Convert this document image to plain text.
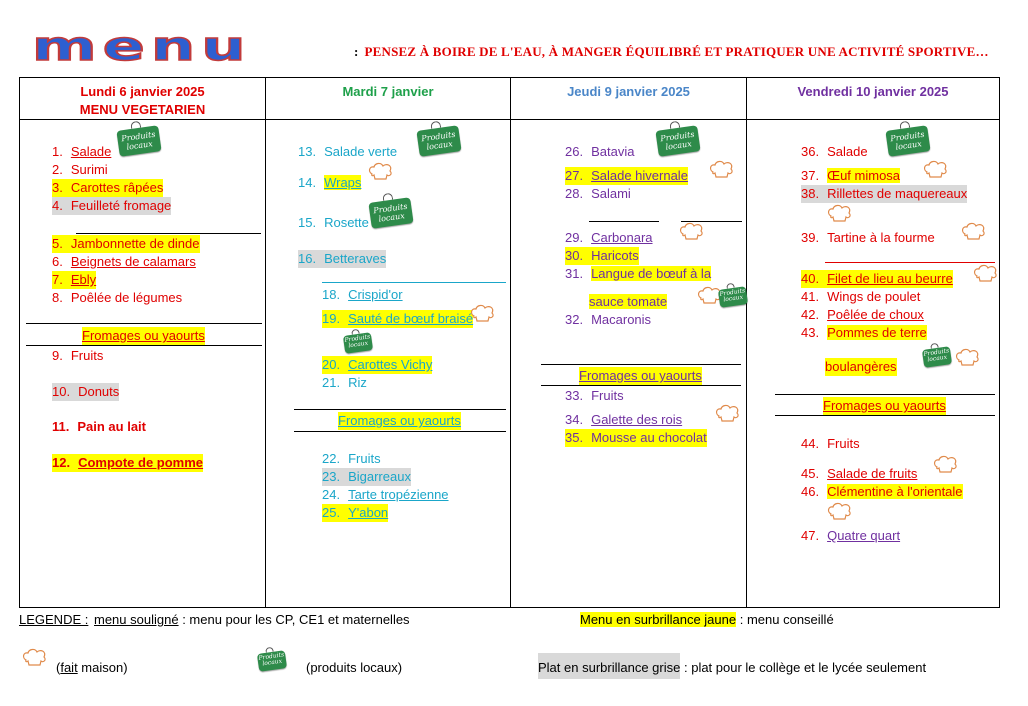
menu	: PENSEZ À BOIRE DE L'EAU, À MANGER ÉQUILIBRÉ ET PRATIQUER UNE ACTIVITÉ SPORTIVE…
Lundi 6 janvier 2025
MENU VEGETARIEN
1. Salade
Produits locaux
2. Surimi
3. Carottes râpées
4. Feuilleté fromage
5. Jambonnette de dinde
6. Beignets de calamars
7. Ebly
8. Poêlée de légumes
Fromages ou yaourts
9. Fruits
10. Donuts
11. Pain au lait
12. Compote de pomme
Mardi 7 janvier
13. Salade verte
Produits locaux
14. Wraps
15. Rosette
Produits locaux
16. Betteraves
18. Crispid'or
19. Sauté de bœuf braisé
Produits locaux
20. Carottes Vichy
21. Riz
Fromages ou yaourts
22. Fruits
23. Bigarreaux
24. Tarte tropézienne
25. Y'abon
Jeudi 9 janvier 2025
26. Batavia
Produits locaux
27. Salade hivernale
28. Salami
29. Carbonara
30. Haricots
31. Langue de bœuf à la
sauce tomate
Produits locaux
32. Macaronis
Fromages ou yaourts
33. Fruits
34. Galette des rois
35. Mousse au chocolat
Vendredi 10 janvier 2025
36. Salade
Produits locaux
37. Œuf mimosa
38. Rillettes de maquereaux
39. Tartine à la fourme
40. Filet de lieu au beurre
41. Wings de poulet
42. Poêlée de choux
43. Pommes de terre
boulangères
Produits locaux
Fromages ou yaourts
44. Fruits
45. Salade de fruits
46. Clémentine à l'orientale
47. Quatre quart
LEGENDE : menu souligné : menu pour les CP, CE1 et maternelles	Menu en surbrillance jaune : menu conseillé
(fait maison)
Produits locaux	(produits locaux)	Plat en surbrillance grise : plat pour le collège et le lycée seulement
